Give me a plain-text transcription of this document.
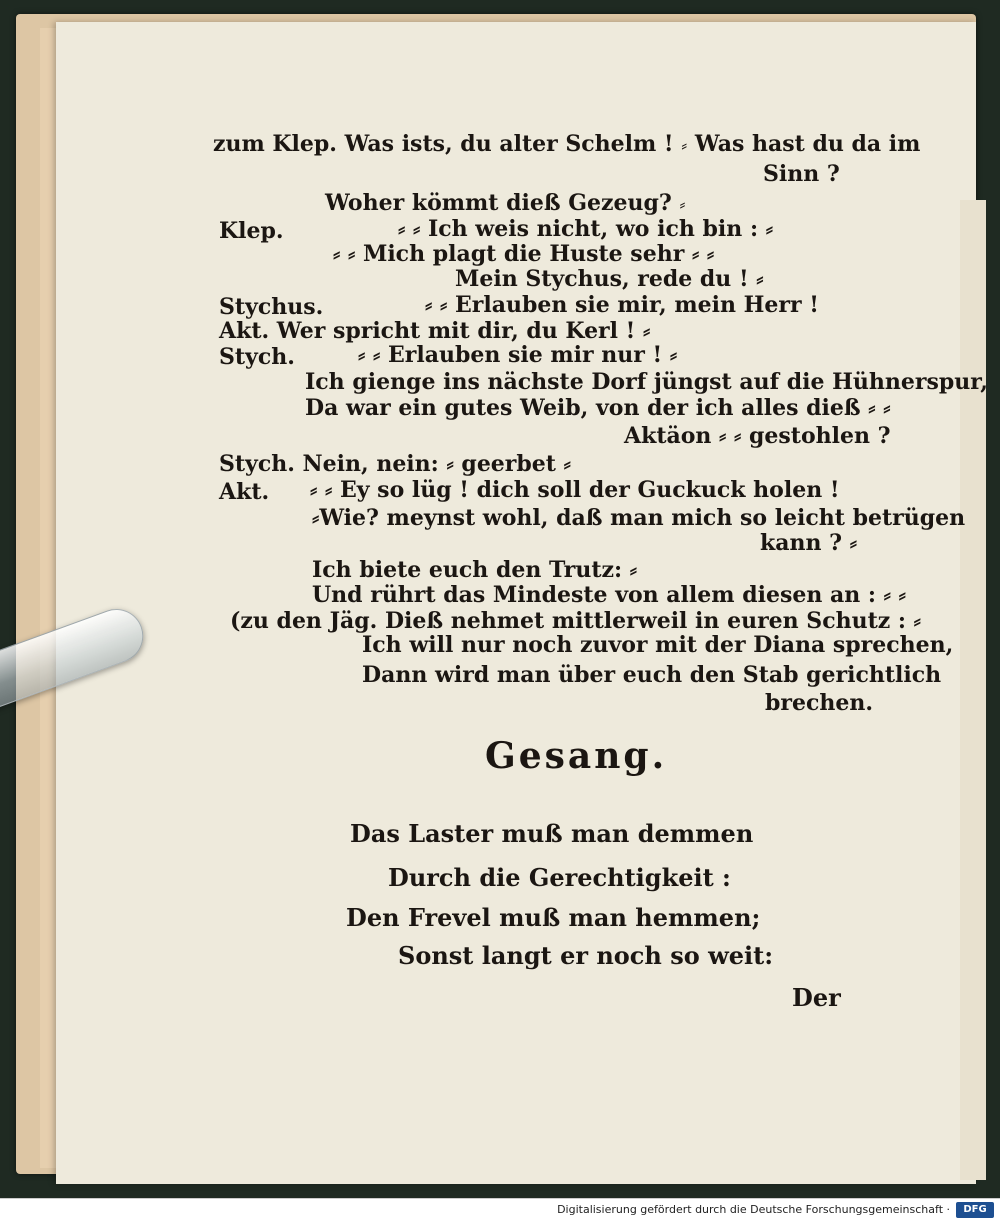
zum Klep. Was ists, du alter Schelm ! ⸗ Was hast du da im
Sinn ?
Woher kömmt dieß Gezeug? ⸗
Klep.	⸗ ⸗ Ich weis nicht, wo ich bin : ⸗
⸗ ⸗ Mich plagt die Huste sehr ⸗ ⸗
Mein Stychus, rede du ! ⸗
Stychus.	⸗ ⸗ Erlauben sie mir, mein Herr !
Akt. Wer spricht mit dir, du Kerl ! ⸗
Stych.	⸗ ⸗ Erlauben sie mir nur ! ⸗
Ich gienge ins nächste Dorf jüngst auf die Hühnerspur,
Da war ein gutes Weib, von der ich alles dieß ⸗ ⸗
Aktäon ⸗ ⸗ gestohlen ?
Stych. Nein, nein: ⸗ geerbet ⸗
Akt. ⸗ ⸗ Ey so lüg ! dich soll der Guckuck holen !
⸗Wie? meynst wohl, daß man mich so leicht betrügen
kann ? ⸗
Ich biete euch den Trutz: ⸗
Und rührt das Mindeste von allem diesen an : ⸗ ⸗
(zu den Jäg. Dieß nehmet mittlerweil in euren Schutz : ⸗
Ich will nur noch zuvor mit der Diana sprechen,
Dann wird man über euch den Stab gerichtlich
brechen.
Gesang.
Das Laster muß man demmen
Durch die Gerechtigkeit :
Den Frevel muß man hemmen;
Sonst langt er noch so weit:
Der
Digitalisierung gefördert durch die Deutsche Forschungsgemeinschaft ·	DFG
